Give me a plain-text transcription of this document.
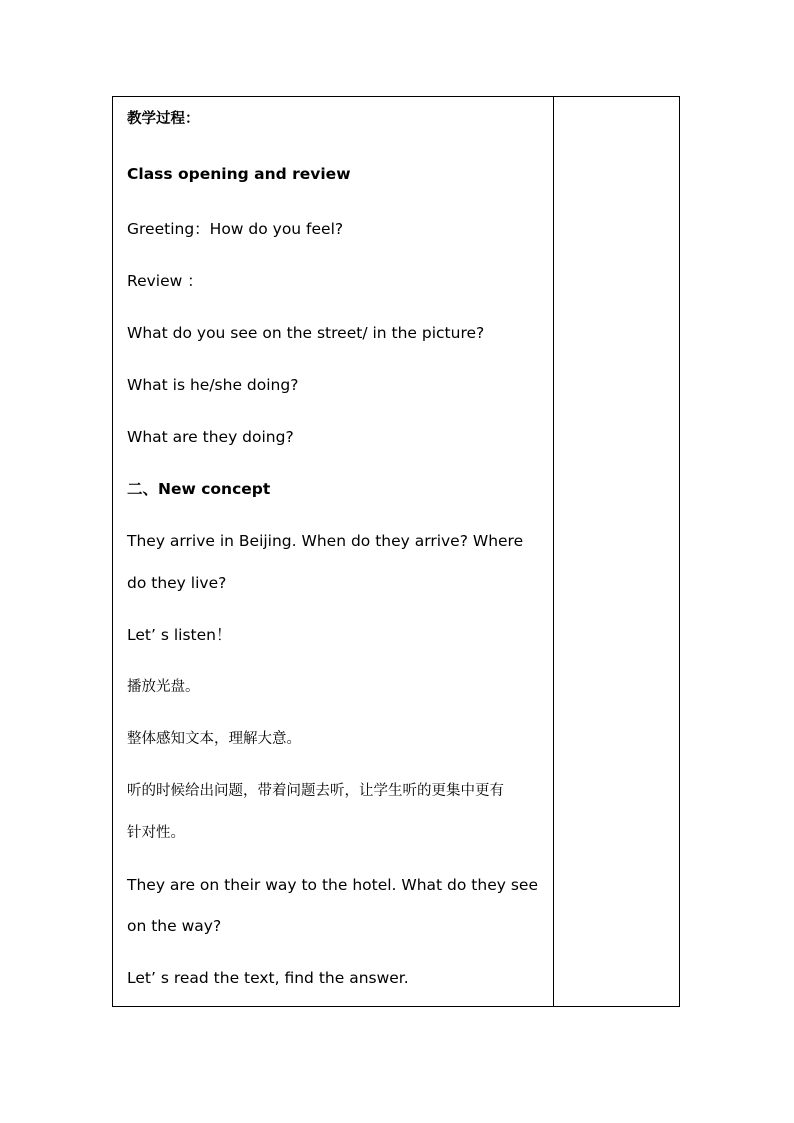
教学过程：
Class opening and review
Greeting：How do you feel?
Review ：
What do you see on the street/ in the picture?
What is he/she doing?
What are they doing?
二、New concept
They arrive in Beijing. When do they arrive? Where
do they live?
Let’ s listen！
播放光盘。
整体感知文本，理解大意。
听的时候给出问题，带着问题去听，让学生听的更集中更有
针对性。
They are on their way to the hotel. What do they see
on the way?
Let’ s read the text, find the answer.
